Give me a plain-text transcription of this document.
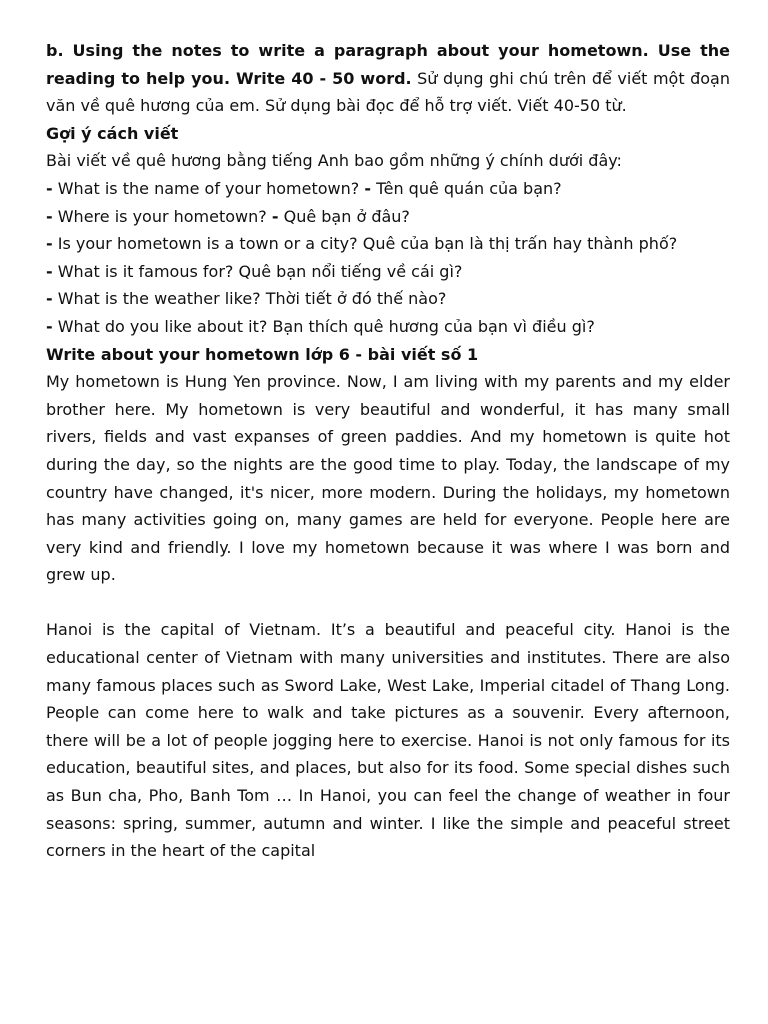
b. Using the notes to write a paragraph about your hometown. Use the reading to help you. Write 40 - 50 word. Sử dụng ghi chú trên để viết một đoạn văn về quê hương của em. Sử dụng bài đọc để hỗ trợ viết. Viết 40-50 từ.

Gợi ý cách viết
Bài viết về quê hương bằng tiếng Anh bao gồm những ý chính dưới đây:
- What is the name of your hometown? - Tên quê quán của bạn?
- Where is your hometown? - Quê bạn ở đâu?
- Is your hometown is a town or a city? Quê của bạn là thị trấn hay thành phố?
- What is it famous for? Quê bạn nổi tiếng về cái gì?
- What is the weather like? Thời tiết ở đó thế nào?
- What do you like about it? Bạn thích quê hương của bạn vì điều gì?
Write about your hometown lớp 6 - bài viết số 1

My hometown is Hung Yen province. Now, I am living with my parents and my elder brother here. My hometown is very beautiful and wonderful, it has many small rivers, fields and vast expanses of green paddies. And my hometown is quite hot during the day, so the nights are the good time to play. Today, the landscape of my country have changed, it's nicer, more modern. During the holidays, my hometown has many activities going on, many games are held for everyone. People here are very kind and friendly. I love my hometown because it was where I was born and grew up.

Hanoi is the capital of Vietnam. It’s a beautiful and peaceful city. Hanoi is the educational center of Vietnam with many universities and institutes. There are also many famous places such as Sword Lake, West Lake, Imperial citadel of Thang Long. People can come here to walk and take pictures as a souvenir. Every afternoon, there will be a lot of people jogging here to exercise. Hanoi is not only famous for its education, beautiful sites, and places, but also for its food. Some special dishes such as Bun cha, Pho, Banh Tom … In Hanoi, you can feel the change of weather in four seasons: spring, summer, autumn and winter. I like the simple and peaceful street corners in the heart of the capital
